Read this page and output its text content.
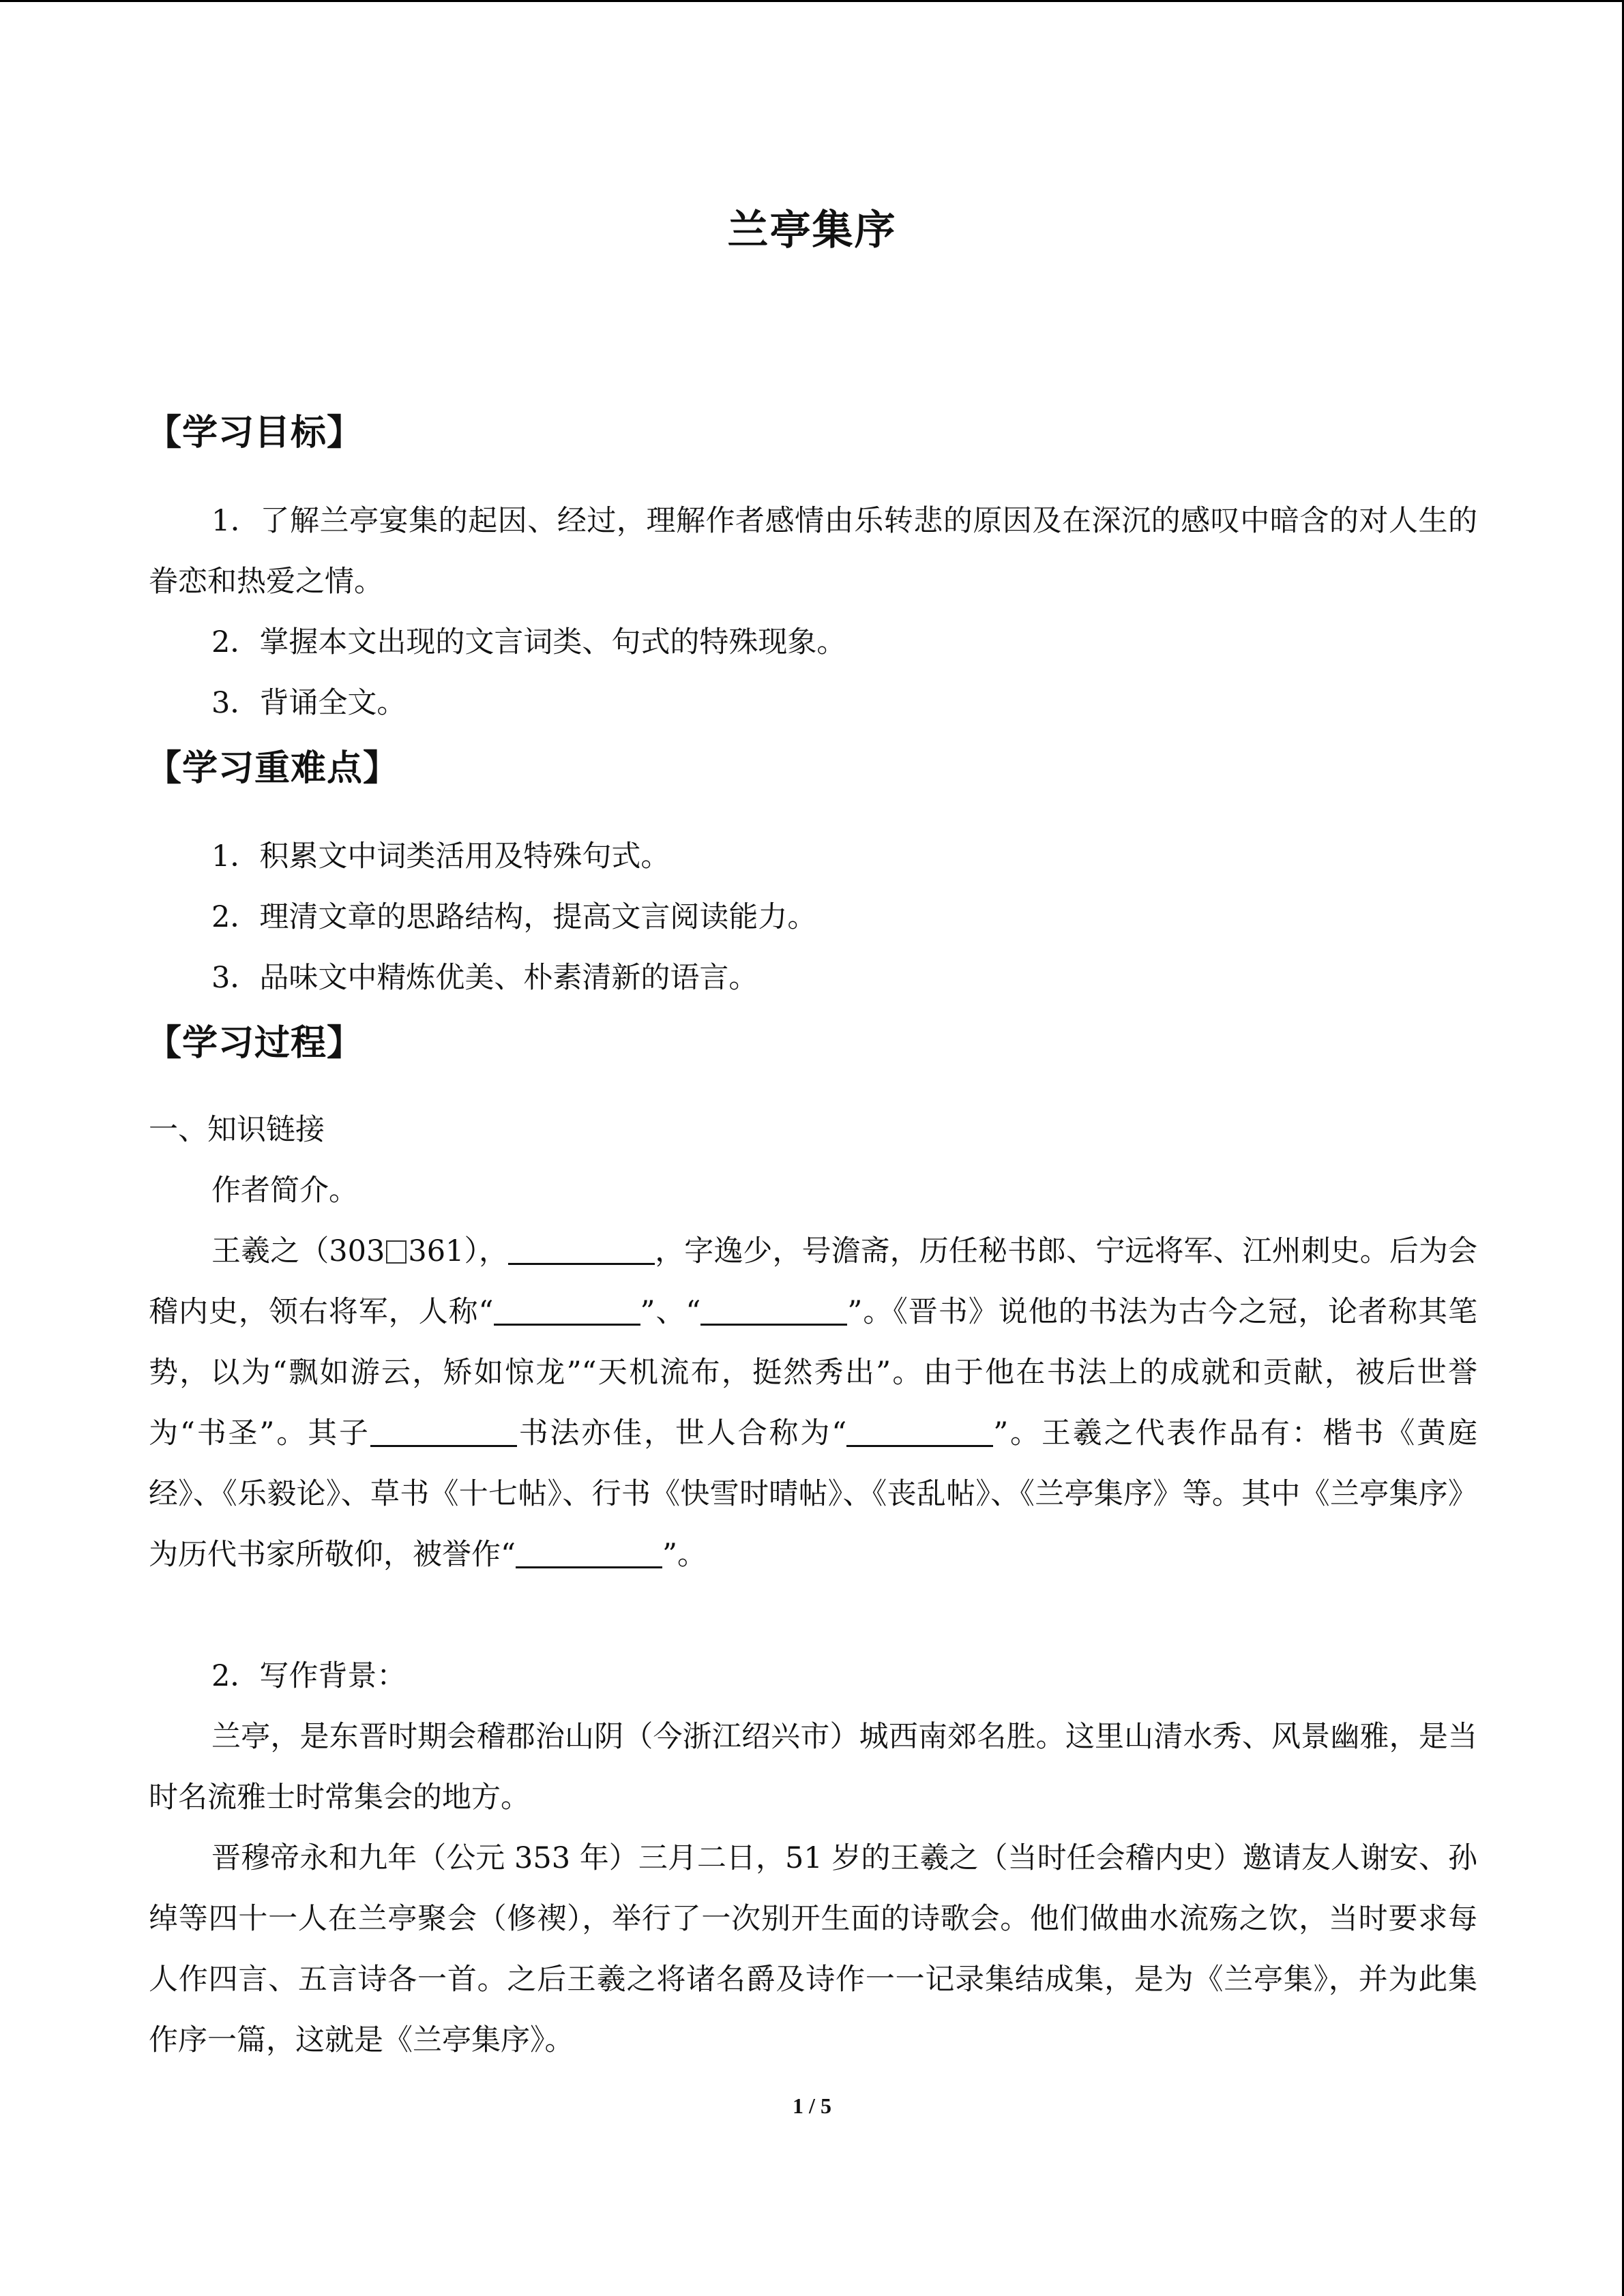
兰亭集序
【学习目标】

1．了解兰亭宴集的起因、经过，理解作者感情由乐转悲的原因及在深沉的感叹中暗含的对人生的眷恋和热爱之情。

2．掌握本文出现的文言词类、句式的特殊现象。

3．背诵全文。

【学习重难点】

1．积累文中词类活用及特殊句式。

2．理清文章的思路结构，提高文言阅读能力。

3．品味文中精炼优美、朴素清新的语言。

【学习过程】

一、知识链接

作者简介。

王羲之（303 361），	，字逸少，号澹斋，历任秘书郎、宁远将军、江州刺史。后为会稽内史，领右将军，人称“	”、“	”。《晋书》说他的书法为古今之冠，论者称其笔势，以为“飘如游云，矫如惊龙”“天机流布，挺然秀出”。由于他在书法上的成就和贡献，被后世誉为“书圣”。其子	书法亦佳，世人合称为“	”。王羲之代表作品有：楷书《黄庭经》、《乐毅论》、草书《十七帖》、行书《快雪时晴帖》、《丧乱帖》、《兰亭集序》等。其中《兰亭集序》为历代书家所敬仰，被誉作“	”。

2．写作背景：

兰亭，是东晋时期会稽郡治山阴（今浙江绍兴市）城西南郊名胜。这里山清水秀、风景幽雅，是当时名流雅士时常集会的地方。

晋穆帝永和九年（公元 353 年）三月二日，51 岁的王羲之（当时任会稽内史）邀请友人谢安、孙绰等四十一人在兰亭聚会（修禊），举行了一次别开生面的诗歌会。他们做曲水流殇之饮，当时要求每人作四言、五言诗各一首。之后王羲之将诸名爵及诗作一一记录集结成集，是为《兰亭集》，并为此集作序一篇，这就是《兰亭集序》。

1 / 5
